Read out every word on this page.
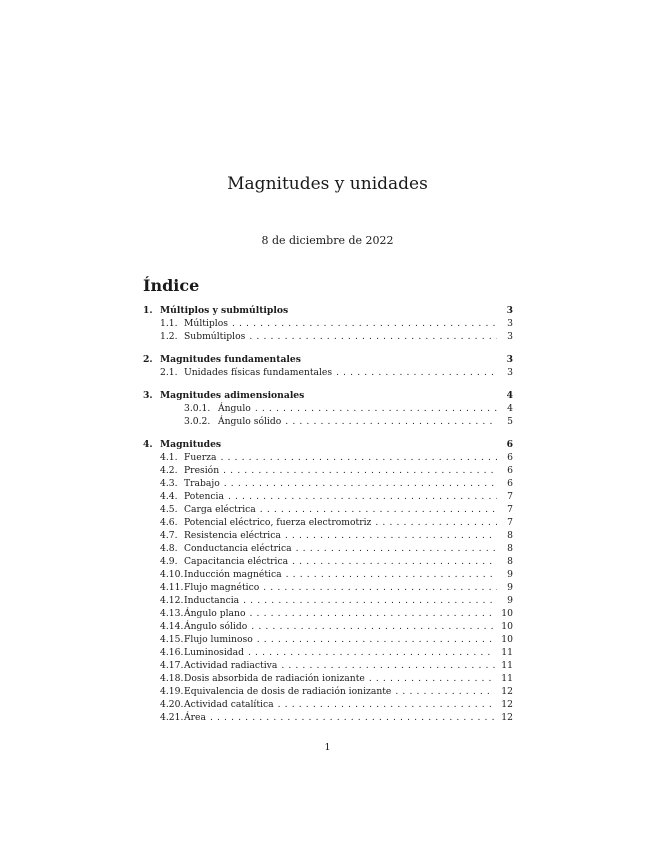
Magnitudes y unidades
8 de diciembre de 2022
Índice
1. Múltiplos y submúltiplos	3
1.1. Múltiplos . . .	3
1.2. Submúltiplos . . .	3
2. Magnitudes fundamentales	3
2.1. Unidades físicas fundamentales . . .	3
3. Magnitudes adimensionales	4
3.0.1. Ángulo . . .	4
3.0.2. Ángulo sólido . . .	5
4. Magnitudes	6
4.1. Fuerza . . .	6
4.2. Presión . . .	6
4.3. Trabajo . . .	6
4.4. Potencia . . .	7
4.5. Carga eléctrica . . .	7
4.6. Potencial eléctrico, fuerza electromotriz . . .	7
4.7. Resistencia eléctrica . . .	8
4.8. Conductancia eléctrica . . .	8
4.9. Capacitancia eléctrica . . .	8
4.10. Inducción magnética . . .	9
4.11. Flujo magnético . . .	9
4.12. Inductancia . . .	9
4.13. Ángulo plano . . .	10
4.14. Ángulo sólido . . .	10
4.15. Flujo luminoso . . .	10
4.16. Luminosidad . . .	11
4.17. Actividad radiactiva . . .	11
4.18. Dosis absorbida de radiación ionizante . . .	11
4.19. Equivalencia de dosis de radiación ionizante . . .	12
4.20. Actividad catalítica . . .	12
4.21. Área . . .	12
1
